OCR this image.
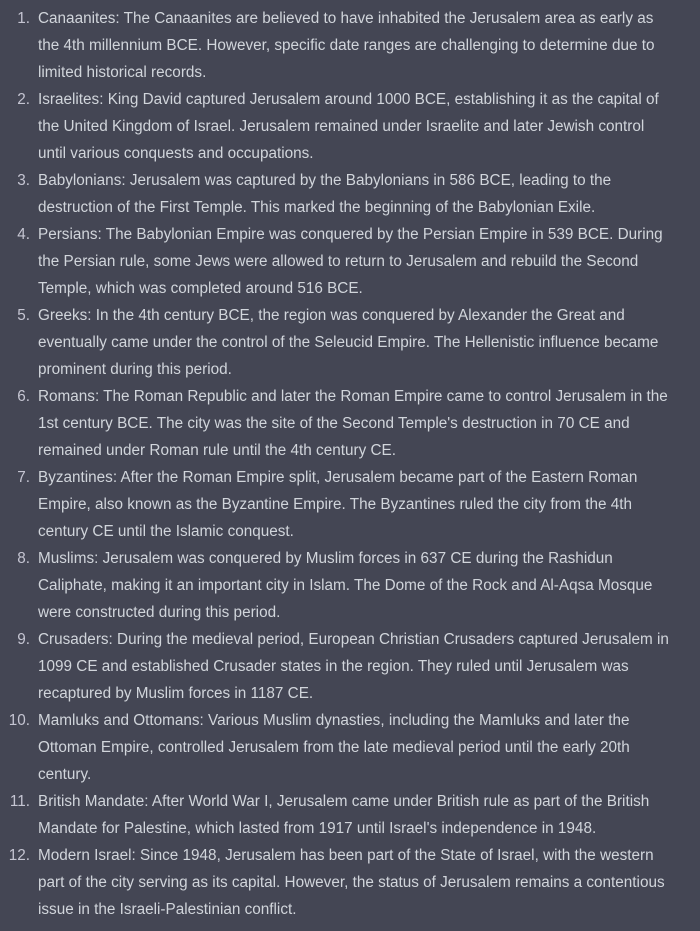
1. Canaanites: The Canaanites are believed to have inhabited the Jerusalem area as early as the 4th millennium BCE. However, specific date ranges are challenging to determine due to limited historical records.
2. Israelites: King David captured Jerusalem around 1000 BCE, establishing it as the capital of the United Kingdom of Israel. Jerusalem remained under Israelite and later Jewish control until various conquests and occupations.
3. Babylonians: Jerusalem was captured by the Babylonians in 586 BCE, leading to the destruction of the First Temple. This marked the beginning of the Babylonian Exile.
4. Persians: The Babylonian Empire was conquered by the Persian Empire in 539 BCE. During the Persian rule, some Jews were allowed to return to Jerusalem and rebuild the Second Temple, which was completed around 516 BCE.
5. Greeks: In the 4th century BCE, the region was conquered by Alexander the Great and eventually came under the control of the Seleucid Empire. The Hellenistic influence became prominent during this period.
6. Romans: The Roman Republic and later the Roman Empire came to control Jerusalem in the 1st century BCE. The city was the site of the Second Temple's destruction in 70 CE and remained under Roman rule until the 4th century CE.
7. Byzantines: After the Roman Empire split, Jerusalem became part of the Eastern Roman Empire, also known as the Byzantine Empire. The Byzantines ruled the city from the 4th century CE until the Islamic conquest.
8. Muslims: Jerusalem was conquered by Muslim forces in 637 CE during the Rashidun Caliphate, making it an important city in Islam. The Dome of the Rock and Al-Aqsa Mosque were constructed during this period.
9. Crusaders: During the medieval period, European Christian Crusaders captured Jerusalem in 1099 CE and established Crusader states in the region. They ruled until Jerusalem was recaptured by Muslim forces in 1187 CE.
10. Mamluks and Ottomans: Various Muslim dynasties, including the Mamluks and later the Ottoman Empire, controlled Jerusalem from the late medieval period until the early 20th century.
11. British Mandate: After World War I, Jerusalem came under British rule as part of the British Mandate for Palestine, which lasted from 1917 until Israel's independence in 1948.
12. Modern Israel: Since 1948, Jerusalem has been part of the State of Israel, with the western part of the city serving as its capital. However, the status of Jerusalem remains a contentious issue in the Israeli-Palestinian conflict.
